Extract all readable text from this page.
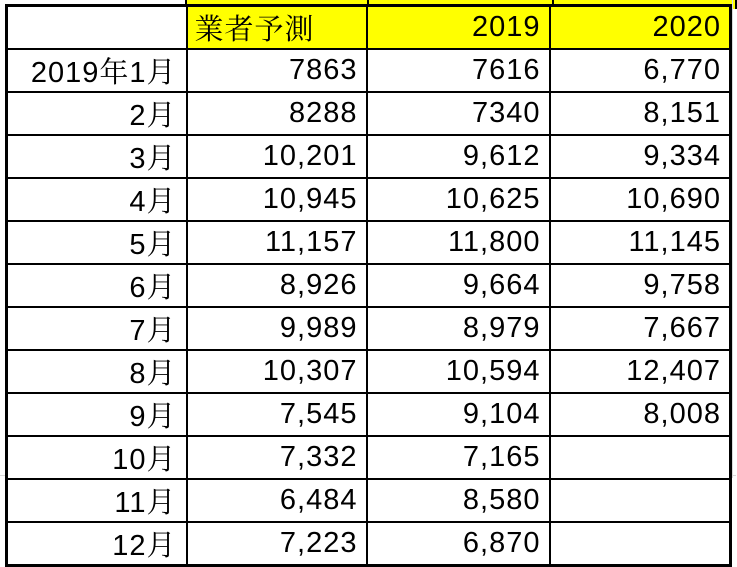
	業者予測	2019	2020
2019年1月	7863	7616	6,770
2月	8288	7340	8,151
3月	10,201	9,612	9,334
4月	10,945	10,625	10,690
5月	11,157	11,800	11,145
6月	8,926	9,664	9,758
7月	9,989	8,979	7,667
8月	10,307	10,594	12,407
9月	7,545	9,104	8,008
10月	7,332	7,165	
11月	6,484	8,580	
12月	7,223	6,870	
